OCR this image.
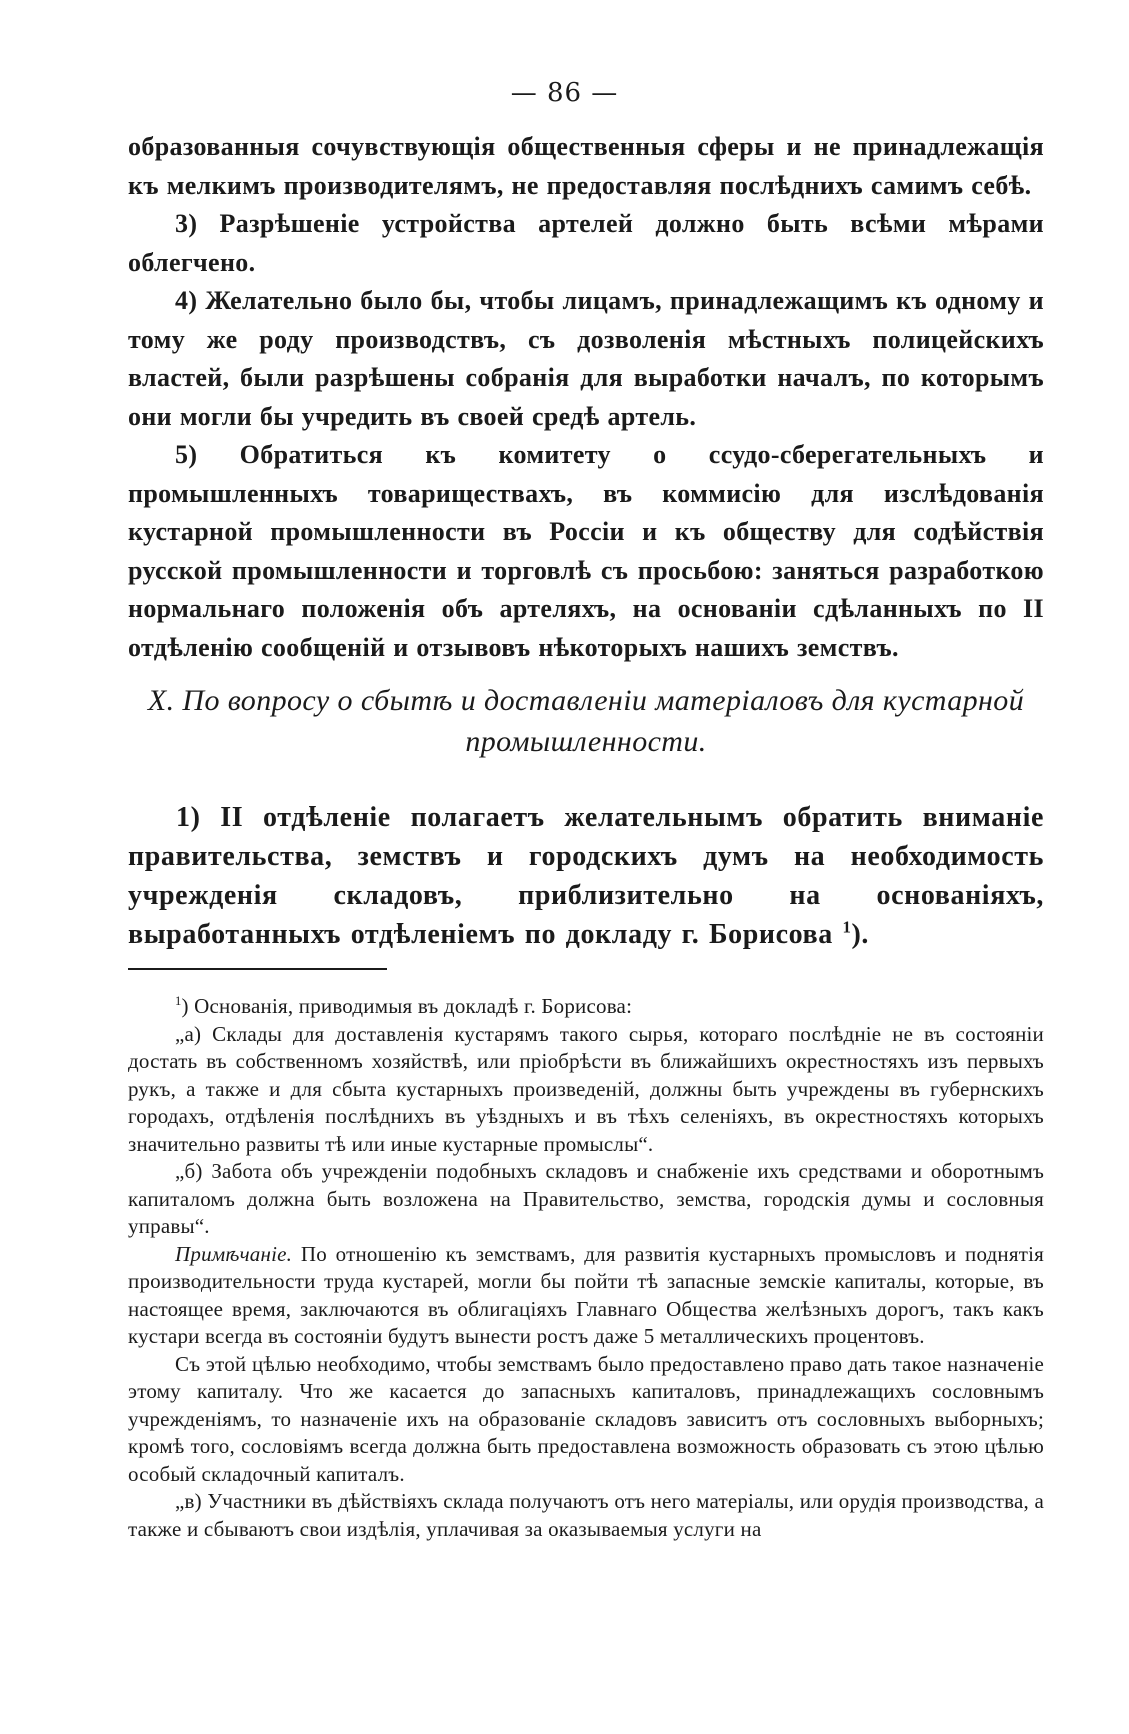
— 86 —

образованныя сочувствующія общественныя сферы и не принадлежащія къ мелкимъ производителямъ, не предоставляя послѣднихъ самимъ себѣ.

3) Разрѣшеніе устройства артелей должно быть всѣми мѣрами облегчено.

4) Желательно было бы, чтобы лицамъ, принадлежащимъ къ одному и тому же роду производствъ, съ дозволенія мѣстныхъ полицейскихъ властей, были разрѣшены собранія для выработки началъ, по которымъ они могли бы учредить въ своей средѣ артель.

5) Обратиться къ комитету о ссудо-сберегательныхъ и промышленныхъ товариществахъ, въ коммисію для изслѣдованія кустарной промышленности въ Россіи и къ обществу для содѣйствія русской промышленности и торговлѣ съ просьбою: заняться разработкою нормальнаго положенія объ артеляхъ, на основаніи сдѣланныхъ по II отдѣленію сообщеній и отзывовъ нѣкоторыхъ нашихъ земствъ.

X. По вопросу о сбытѣ и доставленіи матеріаловъ для кустарной
промышленности.

1) II отдѣленіе полагаетъ желательнымъ обратить вниманіе правительства, земствъ и городскихъ думъ на необходимость учрежденія складовъ, приблизительно на основаніяхъ, выработанныхъ отдѣленіемъ по докладу г. Борисова $^1$).

$^1$) Основанія, приводимыя въ докладѣ г. Борисова:

„а) Склады для доставленія кустарямъ такого сырья, котораго послѣдніе не въ состояніи достать въ собственномъ хозяйствѣ, или пріобрѣсти въ ближайшихъ окрестностяхъ изъ первыхъ рукъ, а также и для сбыта кустарныхъ произведеній, должны быть учреждены въ губернскихъ городахъ, отдѣленія послѣднихъ въ уѣздныхъ и въ тѣхъ селеніяхъ, въ окрестностяхъ которыхъ значительно развиты тѣ или иные кустарные промыслы“.

„б) Забота объ учрежденіи подобныхъ складовъ и снабженіе ихъ средствами и оборотнымъ капиталомъ должна быть возложена на Правительство, земства, городскія думы и сословныя управы“.

Примѣчаніе. По отношенію къ земствамъ, для развитія кустарныхъ промысловъ и поднятія производительности труда кустарей, могли бы пойти тѣ запасные земскіе капиталы, которые, въ настоящее время, заключаются въ облигаціяхъ Главнаго Общества желѣзныхъ дорогъ, такъ какъ кустари всегда въ состояніи будутъ вынести ростъ даже 5 металлическихъ процентовъ.

Съ этой цѣлью необходимо, чтобы земствамъ было предоставлено право дать такое назначеніе этому капиталу. Что же касается до запасныхъ капиталовъ, принадлежащихъ сословнымъ учрежденіямъ, то назначеніе ихъ на образованіе складовъ зависитъ отъ сословныхъ выборныхъ; кромѣ того, сословіямъ всегда должна быть предоставлена возможность образовать съ этою цѣлью особый складочный капиталъ.

„в) Участники въ дѣйствіяхъ склада получаютъ отъ него матеріалы, или орудія производства, а также и сбываютъ свои издѣлія, уплачивая за оказываемыя услуги на
